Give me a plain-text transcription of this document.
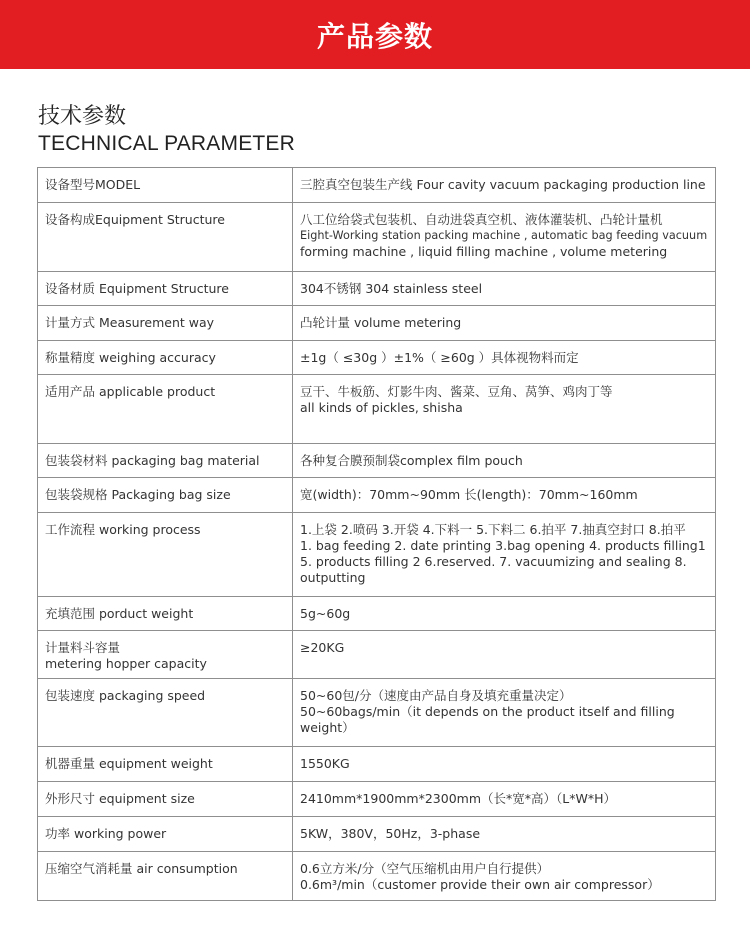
产品参数
技术参数
TECHNICAL PARAMETER
设备型号MODEL	三腔真空包装生产线 Four cavity vacuum packaging production line

设备构成Equipment Structure	八工位给袋式包装机、自动进袋真空机、液体灌装机、凸轮计量机
Eight-Working station packing machine , automatic bag feeding vacuum
forming machine , liquid filling machine , volume metering

设备材质 Equipment Structure	304不锈钢 304 stainless steel

计量方式 Measurement way	凸轮计量 volume metering

称量精度 weighing accuracy	±1g（ ≤30g ）±1%（ ≥60g ）具体视物料而定

适用产品 applicable product	豆干、牛板筋、灯影牛肉、酱菜、豆角、莴笋、鸡肉丁等
all kinds of pickles, shisha

包装袋材料 packaging bag material	各种复合膜预制袋complex film pouch

包装袋规格 Packaging bag size	宽(width)：70mm~90mm 长(length)：70mm~160mm

工作流程 working process	1.上袋 2.喷码 3.开袋 4.下料一 5.下料二 6.拍平 7.抽真空封口 8.拍平
1. bag feeding 2. date printing 3.bag opening 4. products filling1
5. products filling 2 6.reserved. 7. vacuumizing and sealing 8.
outputting

充填范围 porduct weight	5g~60g

计量料斗容量
metering hopper capacity	≥20KG

包装速度 packaging speed	50~60包/分（速度由产品自身及填充重量决定）
50~60bags/min（it depends on the product itself and filling
weight）

机器重量 equipment weight	1550KG

外形尺寸 equipment size	2410mm*1900mm*2300mm（长*宽*高）（L*W*H）

功率 working power	5KW，380V，50Hz，3-phase

压缩空气消耗量 air consumption	0.6立方米/分（空气压缩机由用户自行提供）
0.6m³/min（customer provide their own air compressor）
